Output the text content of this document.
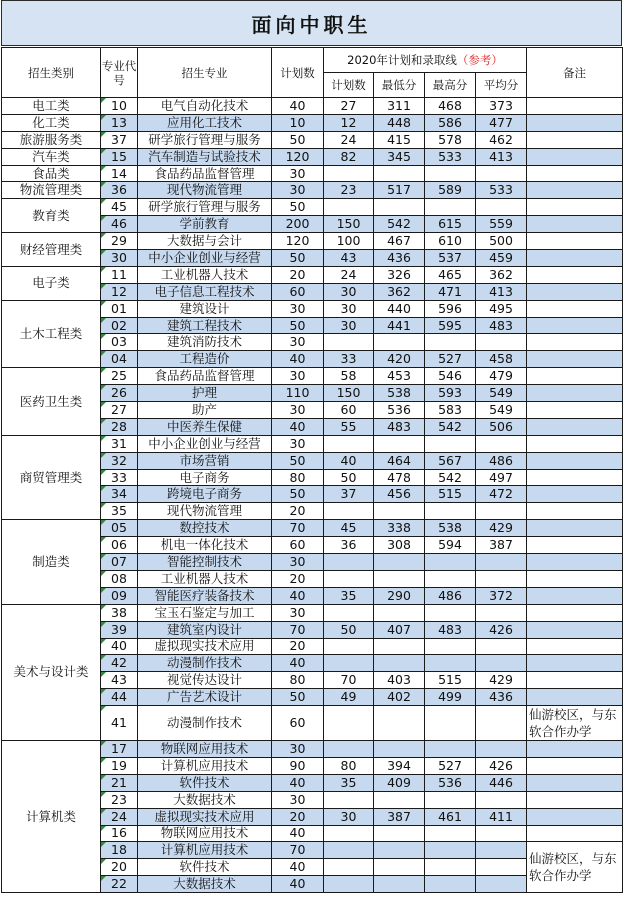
面向中职生
招生类别	专业代号	招生专业	计划数	2020年计划和录取线（参考）				备注
				计划数	最低分	最高分	平均分	
电工类	10	电气自动化技术	40	27	311	468	373	
化工类	13	应用化工技术	10	12	448	586	477	
旅游服务类	37	研学旅行管理与服务	50	24	415	578	462	
汽车类	15	汽车制造与试验技术	120	82	345	533	413	
食品类	14	食品药品监督管理	30					
物流管理类	36	现代物流管理	30	23	517	589	533	
教育类	45	研学旅行管理与服务	50					
	46	学前教育	200	150	542	615	559	
财经管理类	29	大数据与会计	120	100	467	610	500	
	30	中小企业创业与经营	50	43	436	537	459	
电子类	11	工业机器人技术	20	24	326	465	362	
	12	电子信息工程技术	60	30	362	471	413	
土木工程类	01	建筑设计	30	30	440	596	495	
	02	建筑工程技术	50	30	441	595	483	
	03	建筑消防技术	30					
	04	工程造价	40	33	420	527	458	
医药卫生类	25	食品药品监督管理	30	58	453	546	479	
	26	护理	110	150	538	593	549	
	27	助产	30	60	536	583	549	
	28	中医养生保健	40	55	483	542	506	
商贸管理类	31	中小企业创业与经营	30					
	32	市场营销	50	40	464	567	486	
	33	电子商务	80	50	478	542	497	
	34	跨境电子商务	50	37	456	515	472	
	35	现代物流管理	20					
制造类	05	数控技术	70	45	338	538	429	
	06	机电一体化技术	60	36	308	594	387	
	07	智能控制技术	30					
	08	工业机器人技术	20					
	09	智能医疗装备技术	40	35	290	486	372	
美术与设计类	38	宝玉石鉴定与加工	30					
	39	建筑室内设计	70	50	407	483	426	
	40	虚拟现实技术应用	20					
	42	动漫制作技术	40					
	43	视觉传达设计	80	70	403	515	429	
	44	广告艺术设计	50	49	402	499	436	
	41	动漫制作技术	60					仙游校区，与东软合作办学
计算机类	17	物联网应用技术	30					
	19	计算机应用技术	90	80	394	527	426	
	21	软件技术	40	35	409	536	446	
	23	大数据技术	30					
	24	虚拟现实技术应用	20	30	387	461	411	
	16	物联网应用技术	40					
	18	计算机应用技术	70					仙游校区，与东软合作办学
	20	软件技术	40					
	22	大数据技术	40					
